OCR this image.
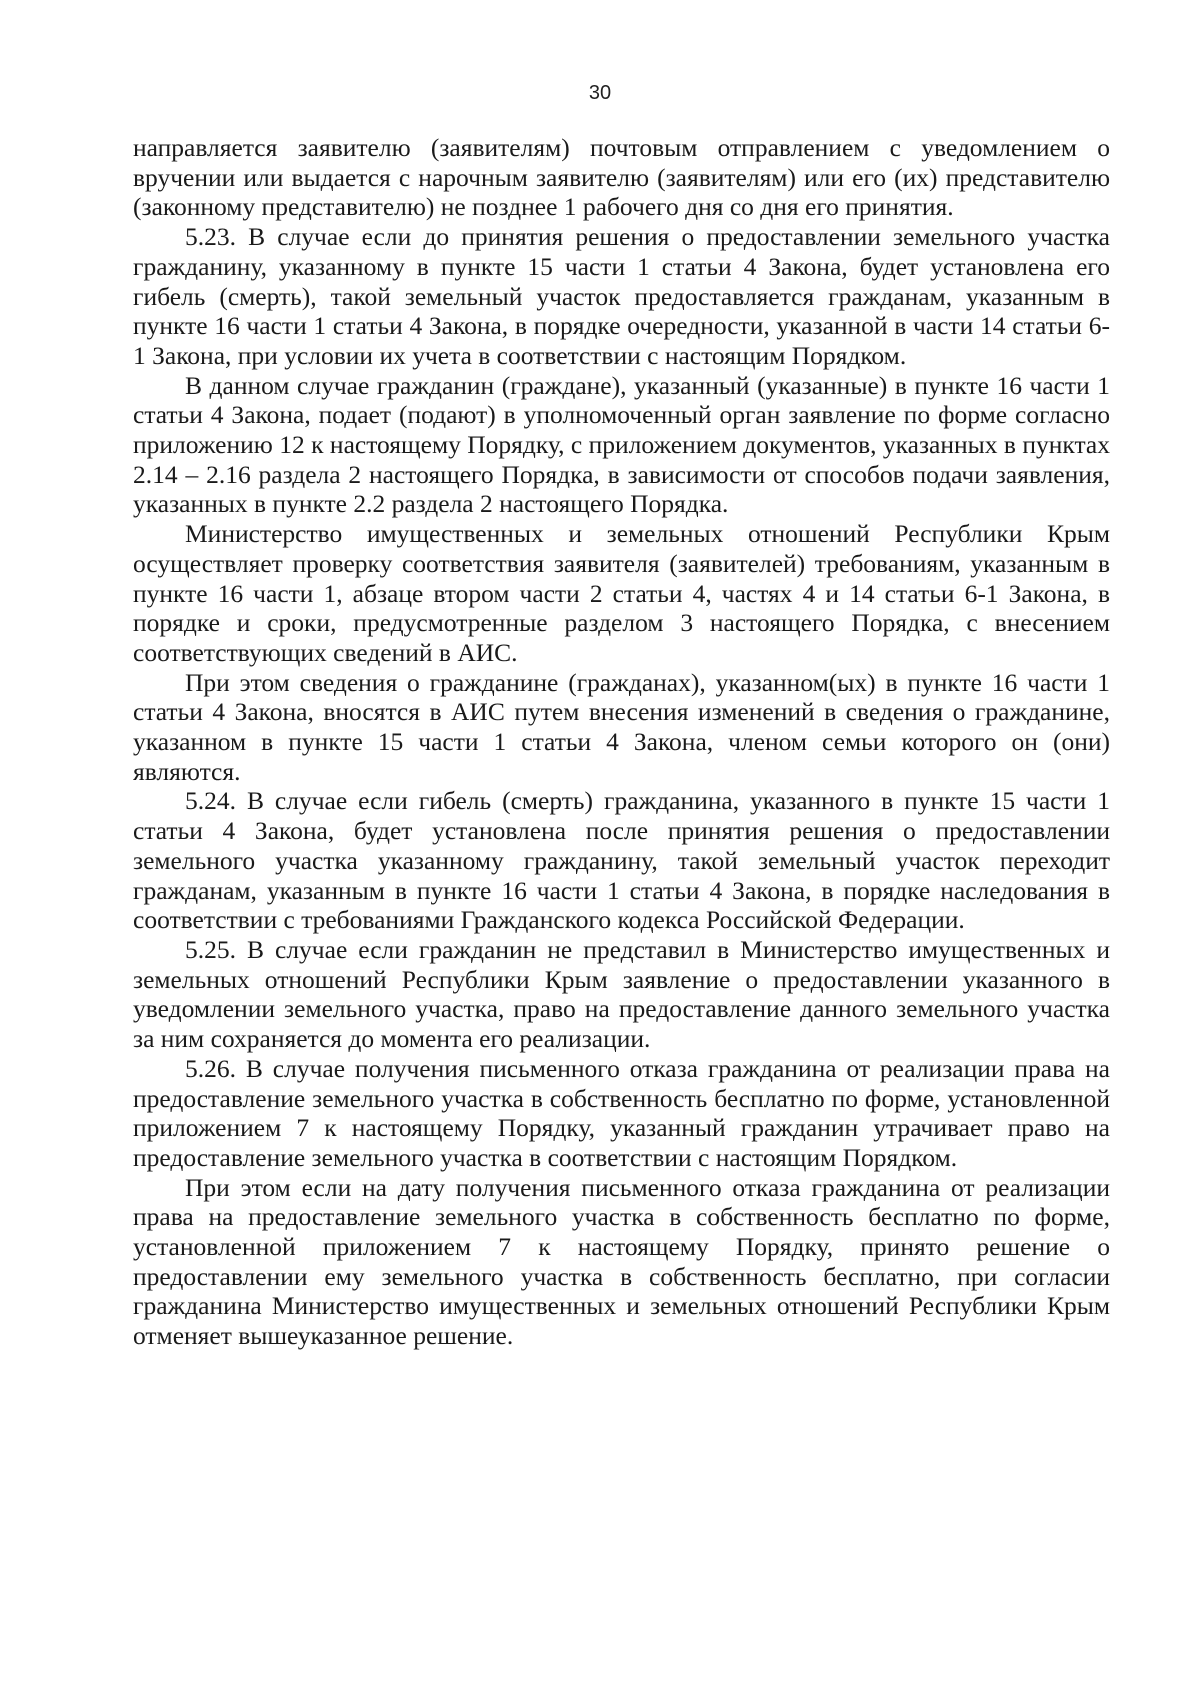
30

направляется заявителю (заявителям) почтовым отправлением с уведомлением о вручении или выдается с нарочным заявителю (заявителям) или его (их) представителю (законному представителю) не позднее 1 рабочего дня со дня его принятия.

5.23. В случае если до принятия решения о предоставлении земельного участка гражданину, указанному в пункте 15 части 1 статьи 4 Закона, будет установлена его гибель (смерть), такой земельный участок предоставляется гражданам, указанным в пункте 16 части 1 статьи 4 Закона, в порядке очередности, указанной в части 14 статьи 6-1 Закона, при условии их учета в соответствии с настоящим Порядком.

В данном случае гражданин (граждане), указанный (указанные) в пункте 16 части 1 статьи 4 Закона, подает (подают) в уполномоченный орган заявление по форме согласно приложению 12 к настоящему Порядку, с приложением документов, указанных в пунктах 2.14 – 2.16 раздела 2 настоящего Порядка, в зависимости от способов подачи заявления, указанных в пункте 2.2 раздела 2 настоящего Порядка.

Министерство имущественных и земельных отношений Республики Крым осуществляет проверку соответствия заявителя (заявителей) требованиям, указанным в пункте 16 части 1, абзаце втором части 2 статьи 4, частях 4 и 14 статьи 6-1 Закона, в порядке и сроки, предусмотренные разделом 3 настоящего Порядка, с внесением соответствующих сведений в АИС.

При этом сведения о гражданине (гражданах), указанном(ых) в пункте 16 части 1 статьи 4 Закона, вносятся в АИС путем внесения изменений в сведения о гражданине, указанном в пункте 15 части 1 статьи 4 Закона, членом семьи которого он (они) являются.

5.24. В случае если гибель (смерть) гражданина, указанного в пункте 15 части 1 статьи 4 Закона, будет установлена после принятия решения о предоставлении земельного участка указанному гражданину, такой земельный участок переходит гражданам, указанным в пункте 16 части 1 статьи 4 Закона, в порядке наследования в соответствии с требованиями Гражданского кодекса Российской Федерации.

5.25. В случае если гражданин не представил в Министерство имущественных и земельных отношений Республики Крым заявление о предоставлении указанного в уведомлении земельного участка, право на предоставление данного земельного участка за ним сохраняется до момента его реализации.

5.26. В случае получения письменного отказа гражданина от реализации права на предоставление земельного участка в собственность бесплатно по форме, установленной приложением 7 к настоящему Порядку, указанный гражданин утрачивает право на предоставление земельного участка в соответствии с настоящим Порядком.

При этом если на дату получения письменного отказа гражданина от реализации права на предоставление земельного участка в собственность бесплатно по форме, установленной приложением 7 к настоящему Порядку, принято решение о предоставлении ему земельного участка в собственность бесплатно, при согласии гражданина Министерство имущественных и земельных отношений Республики Крым отменяет вышеуказанное решение.
